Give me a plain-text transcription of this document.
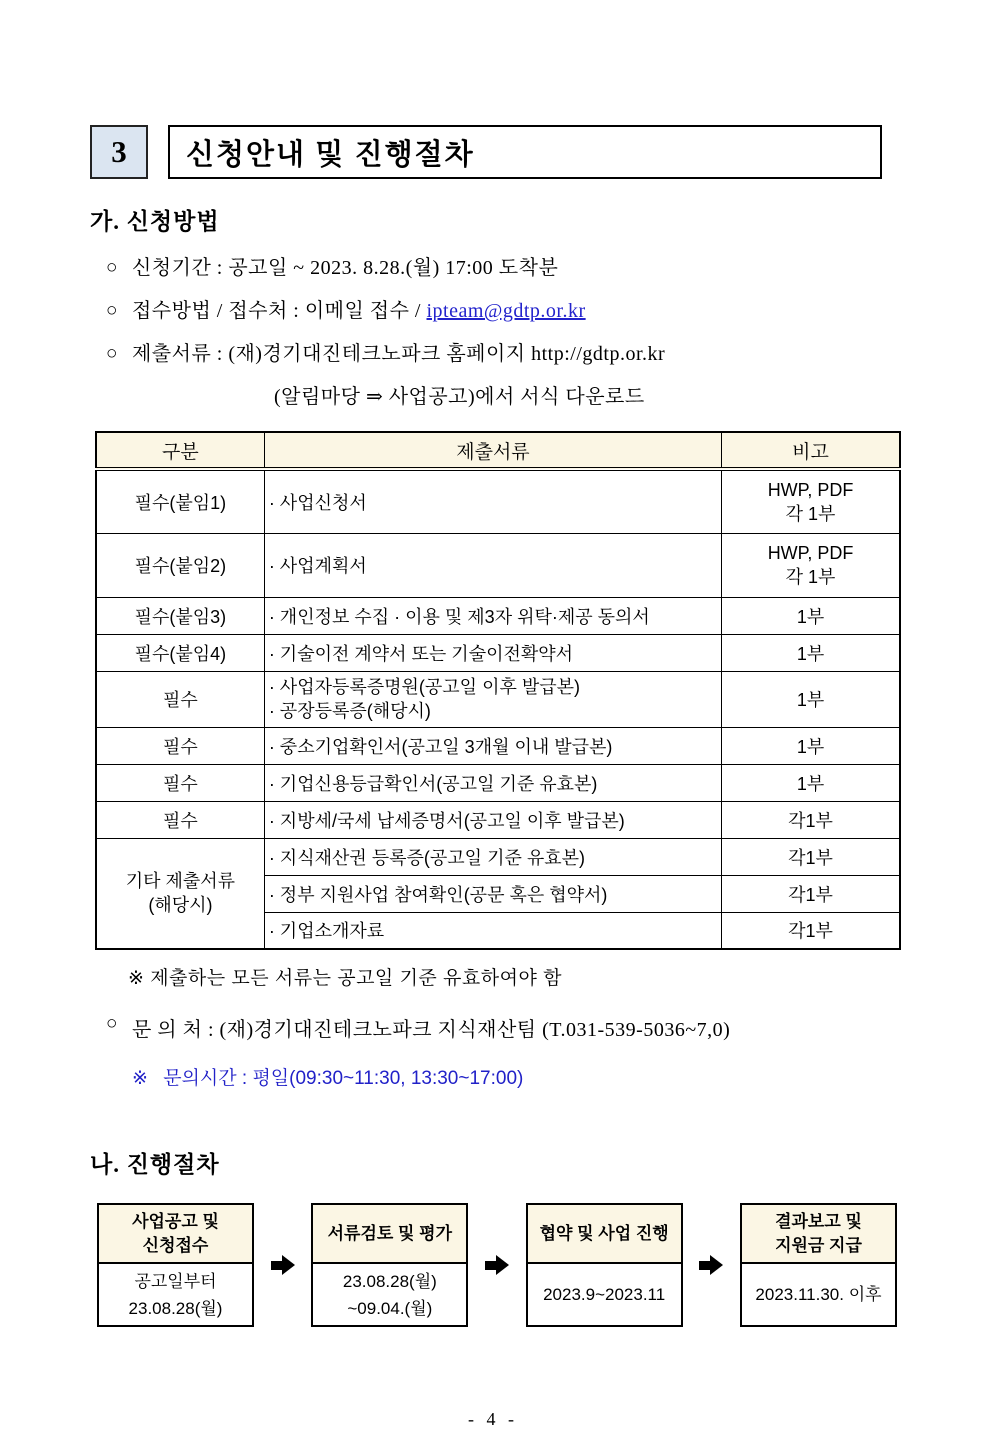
3	신청안내 및 진행절차
가. 신청방법
○ 신청기간 : 공고일 ~ 2023. 8.28.(월) 17:00 도착분
○ 접수방법 / 접수처 : 이메일 접수 / ipteam@gdtp.or.kr
○ 제출서류 : (재)경기대진테크노파크 홈페이지 http://gdtp.or.kr
(알림마당 ⇒ 사업공고)에서 서식 다운로드
구분	제출서류	비고
필수(붙임1)	· 사업신청서	HWP, PDF
각 1부

필수(붙임2)	· 사업계획서	HWP, PDF
각 1부

필수(붙임3)	· 개인정보 수집 · 이용 및 제3자 위탁·제공 동의서	1부
필수(붙임4)	· 기술이전 계약서 또는 기술이전확약서	1부
필수	· 사업자등록증명원(공고일 이후 발급본)
· 공장등록증(해당시)	1부
필수	· 중소기업확인서(공고일 3개월 이내 발급본)	1부
필수	· 기업신용등급확인서(공고일 기준 유효본)	1부
필수	· 지방세/국세 납세증명서(공고일 이후 발급본)	각1부

기타 제출서류
(해당시)	· 지식재산권 등록증(공고일 기준 유효본)	각1부
	· 정부 지원사업 참여확인(공문 혹은 협약서)	각1부
	· 기업소개자료	각1부
※ 제출하는 모든 서류는 공고일 기준 유효하여야 함
○ 문 의 처 : (재)경기대진테크노파크 지식재산팀 (T.031-539-5036~7,0)
※ 문의시간 : 평일(09:30~11:30, 13:30~17:00)
나. 진행절차
사업공고 및
신청접수
공고일부터
23.08.28(월)
서류검토 및 평가
23.08.28(월)
~09.04.(월)
협약 및 사업 진행
2023.9~2023.11
결과보고 및
지원금 지급
2023.11.30. 이후
- 4 -
